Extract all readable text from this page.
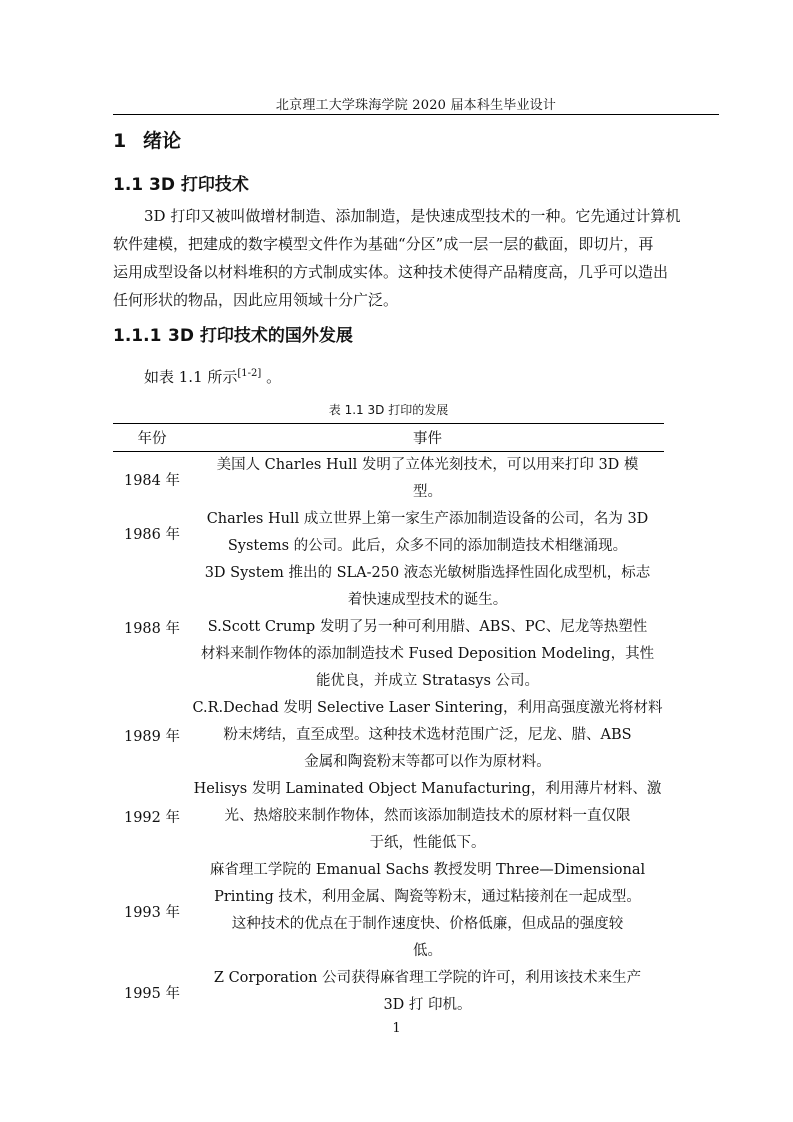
北京理工大学珠海学院 2020 届本科生毕业设计
1 绪论
1.1 3D 打印技术
3D 打印又被叫做增材制造、添加制造，是快速成型技术的一种。它先通过计算机
软件建模，把建成的数字模型文件作为基础“分区”成一层一层的截面，即切片，再
运用成型设备以材料堆积的方式制成实体。这种技术使得产品精度高，几乎可以造出
任何形状的物品，因此应用领域十分广泛。
1.1.1 3D 打印技术的国外发展
如表 1.1 所示[1-2] 。
表 1.1 3D 打印的发展
年份	事件
1984 年	美国人 Charles Hull 发明了立体光刻技术，可以用来打印 3D 模
型。

1986 年	Charles Hull 成立世界上第一家生产添加制造设备的公司，名为 3D
Systems 的公司。此后，众多不同的添加制造技术相继涌现。

1988 年	3D System 推出的 SLA-250 液态光敏树脂选择性固化成型机，标志
着快速成型技术的诞生。
S.Scott Crump 发明了另一种可利用腊、ABS、PC、尼龙等热塑性
材料来制作物体的添加制造技术 Fused Deposition Modeling，其性
能优良，并成立 Stratasys 公司。

1989 年	C.R.Dechad 发明 Selective Laser Sintering，利用高强度激光将材料
粉末烤结，直至成型。这种技术选材范围广泛，尼龙、腊、ABS
金属和陶瓷粉末等都可以作为原材料。

1992 年	Helisys 发明 Laminated Object Manufacturing，利用薄片材料、激
光、热熔胶来制作物体，然而该添加制造技术的原材料一直仅限
于纸，性能低下。

1993 年	麻省理工学院的 Emanual Sachs 教授发明 Three—Dimensional
Printing 技术，利用金属、陶瓷等粉末，通过粘接剂在一起成型。
这种技术的优点在于制作速度快、价格低廉，但成品的强度较
低。

1995 年	Z Corporation 公司获得麻省理工学院的许可，利用该技术来生产
3D 打 印机。
1
